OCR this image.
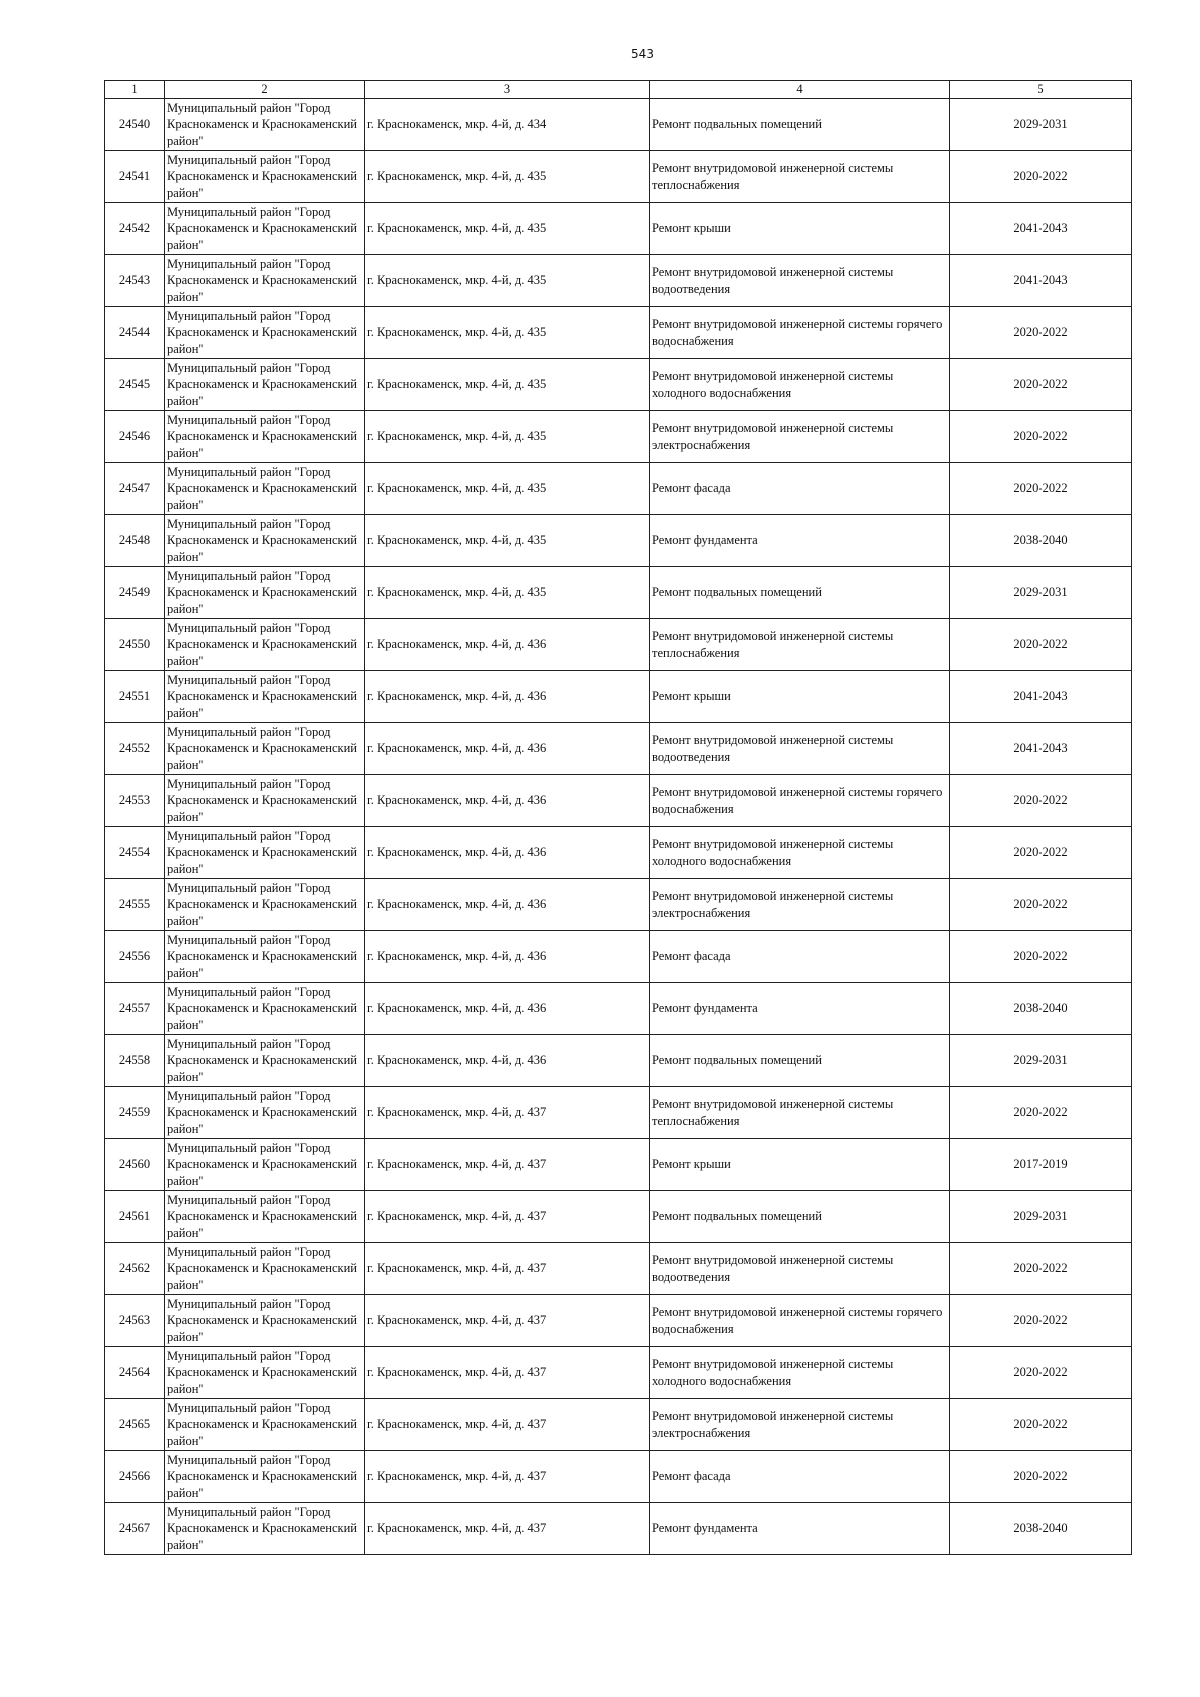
543
1	2	3	4	5
24540	Муниципальный район "Город Краснокаменск и Краснокаменский район"	г. Краснокаменск, мкр. 4-й, д. 434	Ремонт подвальных помещений	2029-2031
24541	Муниципальный район "Город Краснокаменск и Краснокаменский район"	г. Краснокаменск, мкр. 4-й, д. 435	Ремонт внутридомовой инженерной системы теплоснабжения	2020-2022
24542	Муниципальный район "Город Краснокаменск и Краснокаменский район"	г. Краснокаменск, мкр. 4-й, д. 435	Ремонт крыши	2041-2043
24543	Муниципальный район "Город Краснокаменск и Краснокаменский район"	г. Краснокаменск, мкр. 4-й, д. 435	Ремонт внутридомовой инженерной системы водоотведения	2041-2043
24544	Муниципальный район "Город Краснокаменск и Краснокаменский район"	г. Краснокаменск, мкр. 4-й, д. 435	Ремонт внутридомовой инженерной системы горячего водоснабжения	2020-2022
24545	Муниципальный район "Город Краснокаменск и Краснокаменский район"	г. Краснокаменск, мкр. 4-й, д. 435	Ремонт внутридомовой инженерной системы холодного водоснабжения	2020-2022
24546	Муниципальный район "Город Краснокаменск и Краснокаменский район"	г. Краснокаменск, мкр. 4-й, д. 435	Ремонт внутридомовой инженерной системы электроснабжения	2020-2022
24547	Муниципальный район "Город Краснокаменск и Краснокаменский район"	г. Краснокаменск, мкр. 4-й, д. 435	Ремонт фасада	2020-2022
24548	Муниципальный район "Город Краснокаменск и Краснокаменский район"	г. Краснокаменск, мкр. 4-й, д. 435	Ремонт фундамента	2038-2040
24549	Муниципальный район "Город Краснокаменск и Краснокаменский район"	г. Краснокаменск, мкр. 4-й, д. 435	Ремонт подвальных помещений	2029-2031
24550	Муниципальный район "Город Краснокаменск и Краснокаменский район"	г. Краснокаменск, мкр. 4-й, д. 436	Ремонт внутридомовой инженерной системы теплоснабжения	2020-2022
24551	Муниципальный район "Город Краснокаменск и Краснокаменский район"	г. Краснокаменск, мкр. 4-й, д. 436	Ремонт крыши	2041-2043
24552	Муниципальный район "Город Краснокаменск и Краснокаменский район"	г. Краснокаменск, мкр. 4-й, д. 436	Ремонт внутридомовой инженерной системы водоотведения	2041-2043
24553	Муниципальный район "Город Краснокаменск и Краснокаменский район"	г. Краснокаменск, мкр. 4-й, д. 436	Ремонт внутридомовой инженерной системы горячего водоснабжения	2020-2022
24554	Муниципальный район "Город Краснокаменск и Краснокаменский район"	г. Краснокаменск, мкр. 4-й, д. 436	Ремонт внутридомовой инженерной системы холодного водоснабжения	2020-2022
24555	Муниципальный район "Город Краснокаменск и Краснокаменский район"	г. Краснокаменск, мкр. 4-й, д. 436	Ремонт внутридомовой инженерной системы электроснабжения	2020-2022
24556	Муниципальный район "Город Краснокаменск и Краснокаменский район"	г. Краснокаменск, мкр. 4-й, д. 436	Ремонт фасада	2020-2022
24557	Муниципальный район "Город Краснокаменск и Краснокаменский район"	г. Краснокаменск, мкр. 4-й, д. 436	Ремонт фундамента	2038-2040
24558	Муниципальный район "Город Краснокаменск и Краснокаменский район"	г. Краснокаменск, мкр. 4-й, д. 436	Ремонт подвальных помещений	2029-2031
24559	Муниципальный район "Город Краснокаменск и Краснокаменский район"	г. Краснокаменск, мкр. 4-й, д. 437	Ремонт внутридомовой инженерной системы теплоснабжения	2020-2022
24560	Муниципальный район "Город Краснокаменск и Краснокаменский район"	г. Краснокаменск, мкр. 4-й, д. 437	Ремонт крыши	2017-2019
24561	Муниципальный район "Город Краснокаменск и Краснокаменский район"	г. Краснокаменск, мкр. 4-й, д. 437	Ремонт подвальных помещений	2029-2031
24562	Муниципальный район "Город Краснокаменск и Краснокаменский район"	г. Краснокаменск, мкр. 4-й, д. 437	Ремонт внутридомовой инженерной системы водоотведения	2020-2022
24563	Муниципальный район "Город Краснокаменск и Краснокаменский район"	г. Краснокаменск, мкр. 4-й, д. 437	Ремонт внутридомовой инженерной системы горячего водоснабжения	2020-2022
24564	Муниципальный район "Город Краснокаменск и Краснокаменский район"	г. Краснокаменск, мкр. 4-й, д. 437	Ремонт внутридомовой инженерной системы холодного водоснабжения	2020-2022
24565	Муниципальный район "Город Краснокаменск и Краснокаменский район"	г. Краснокаменск, мкр. 4-й, д. 437	Ремонт внутридомовой инженерной системы электроснабжения	2020-2022
24566	Муниципальный район "Город Краснокаменск и Краснокаменский район"	г. Краснокаменск, мкр. 4-й, д. 437	Ремонт фасада	2020-2022
24567	Муниципальный район "Город Краснокаменск и Краснокаменский район"	г. Краснокаменск, мкр. 4-й, д. 437	Ремонт фундамента	2038-2040
